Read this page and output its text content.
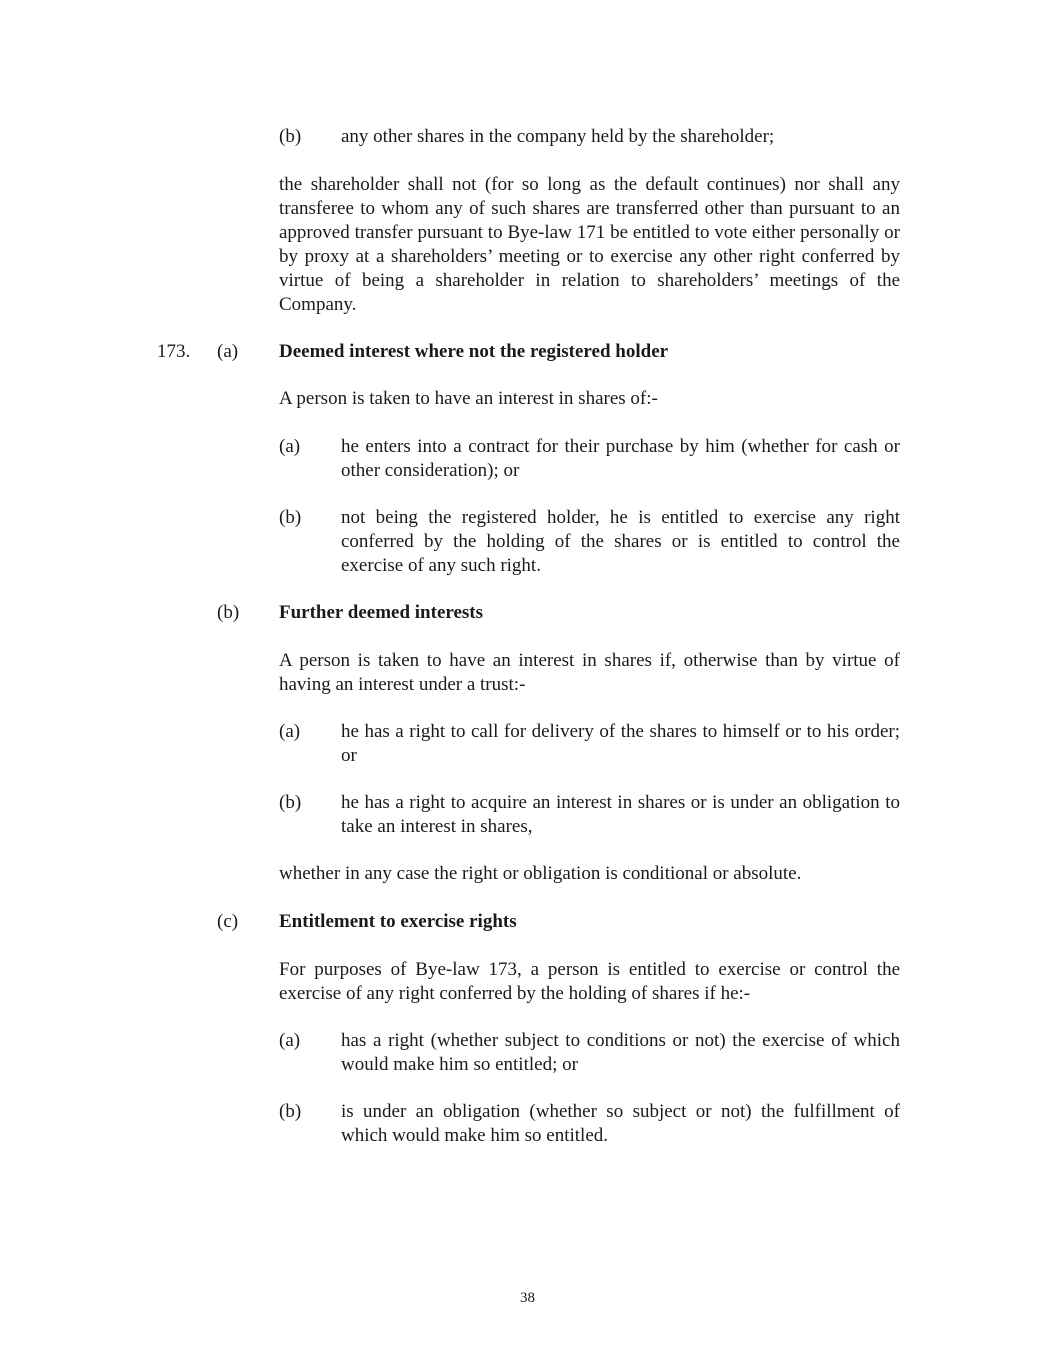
(b) any other shares in the company held by the shareholder;

the shareholder shall not (for so long as the default continues) nor shall any transferee to whom any of such shares are transferred other than pursuant to an approved transfer pursuant to Bye-law 171 be entitled to vote either personally or by proxy at a shareholders’ meeting or to exercise any other right conferred by virtue of being a shareholder in relation to shareholders’ meetings of the Company.

173. (a) Deemed interest where not the registered holder

A person is taken to have an interest in shares of:-

(a) he enters into a contract for their purchase by him (whether for cash or other consideration); or

(b) not being the registered holder, he is entitled to exercise any right conferred by the holding of the shares or is entitled to control the exercise of any such right.

(b) Further deemed interests

A person is taken to have an interest in shares if, otherwise than by virtue of having an interest under a trust:-

(a) he has a right to call for delivery of the shares to himself or to his order; or

(b) he has a right to acquire an interest in shares or is under an obligation to take an interest in shares,

whether in any case the right or obligation is conditional or absolute.

(c) Entitlement to exercise rights

For purposes of Bye-law 173, a person is entitled to exercise or control the exercise of any right conferred by the holding of shares if he:-

(a) has a right (whether subject to conditions or not) the exercise of which would make him so entitled; or

(b) is under an obligation (whether so subject or not) the fulfillment of which would make him so entitled.

38
